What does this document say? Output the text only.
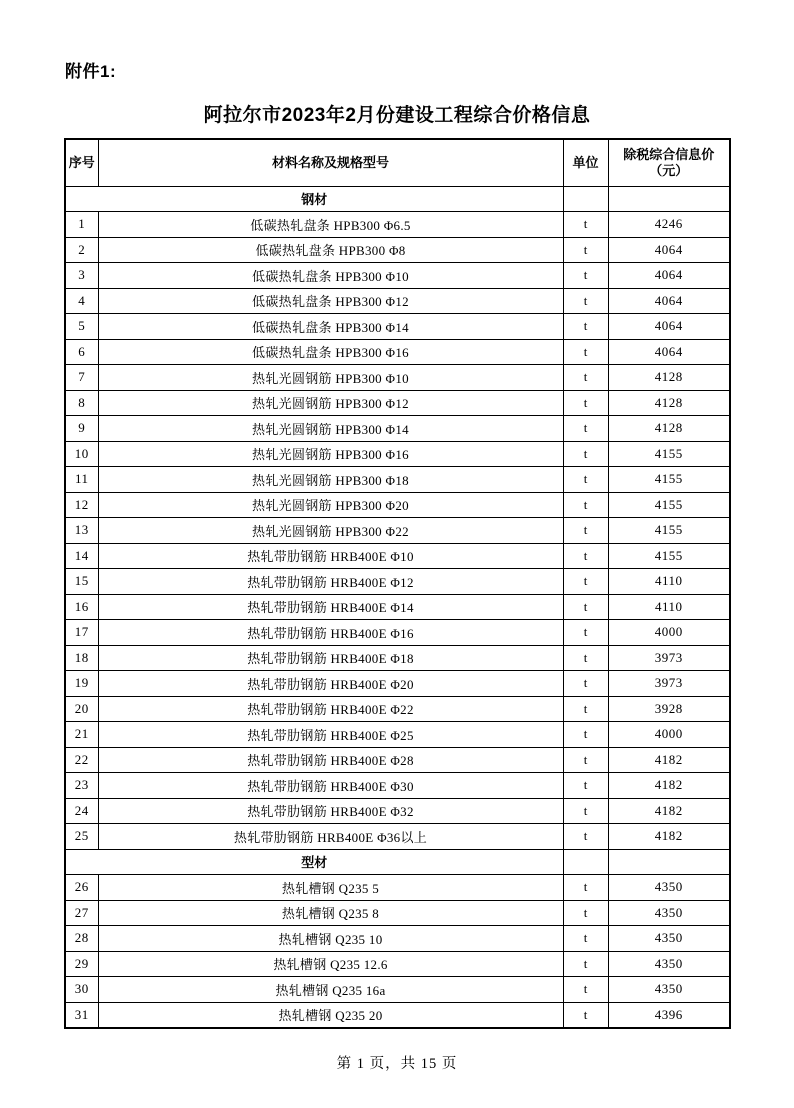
附件1:
阿拉尔市2023年2月份建设工程综合价格信息
序号	材料名称及规格型号	单位	除税综合信息价（元）
钢材			
1	低碳热轧盘条 HPB300 Φ6.5	t	4246
2	低碳热轧盘条 HPB300 Φ8	t	4064
3	低碳热轧盘条 HPB300 Φ10	t	4064
4	低碳热轧盘条 HPB300 Φ12	t	4064
5	低碳热轧盘条 HPB300 Φ14	t	4064
6	低碳热轧盘条 HPB300 Φ16	t	4064
7	热轧光圆钢筋 HPB300 Φ10	t	4128
8	热轧光圆钢筋 HPB300 Φ12	t	4128
9	热轧光圆钢筋 HPB300 Φ14	t	4128
10	热轧光圆钢筋 HPB300 Φ16	t	4155
11	热轧光圆钢筋 HPB300 Φ18	t	4155
12	热轧光圆钢筋 HPB300 Φ20	t	4155
13	热轧光圆钢筋 HPB300 Φ22	t	4155
14	热轧带肋钢筋 HRB400E Φ10	t	4155
15	热轧带肋钢筋 HRB400E Φ12	t	4110
16	热轧带肋钢筋 HRB400E Φ14	t	4110
17	热轧带肋钢筋 HRB400E Φ16	t	4000
18	热轧带肋钢筋 HRB400E Φ18	t	3973
19	热轧带肋钢筋 HRB400E Φ20	t	3973
20	热轧带肋钢筋 HRB400E Φ22	t	3928
21	热轧带肋钢筋 HRB400E Φ25	t	4000
22	热轧带肋钢筋 HRB400E Φ28	t	4182
23	热轧带肋钢筋 HRB400E Φ30	t	4182
24	热轧带肋钢筋 HRB400E Φ32	t	4182
25	热轧带肋钢筋 HRB400E Φ36以上	t	4182
型材			
26	热轧槽钢 Q235 5	t	4350
27	热轧槽钢 Q235 8	t	4350
28	热轧槽钢 Q235 10	t	4350
29	热轧槽钢 Q235 12.6	t	4350
30	热轧槽钢 Q235 16a	t	4350
31	热轧槽钢 Q235 20	t	4396
第 1 页，共 15 页
